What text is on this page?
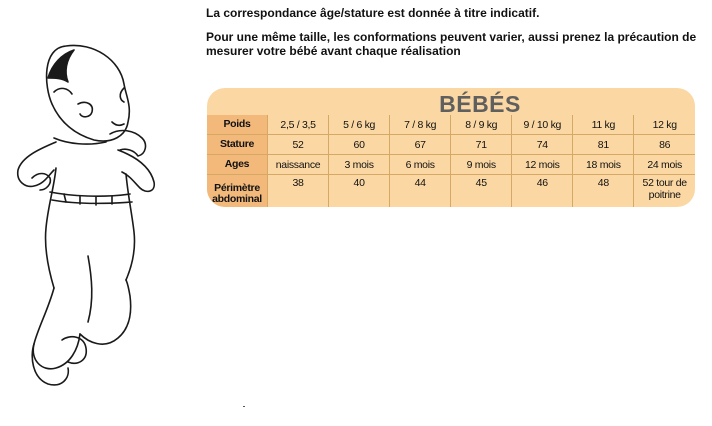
La correspondance âge/stature est donnée à titre indicatif.

Pour une même taille, les conformations peuvent varier, aussi prenez la précaution de mesurer votre bébé avant chaque réalisation

BÉBÉS
Poids	2,5 / 3,5	5 / 6 kg	7 / 8 kg	8 / 9 kg	9 / 10 kg	11 kg	12 kg
Stature	52	60	67	71	74	81	86
Ages	naissance	3 mois	6 mois	9 mois	12 mois	18 mois	24 mois
Périmètre abdominal	38	40	44	45	46	48	52 tour de poitrine
